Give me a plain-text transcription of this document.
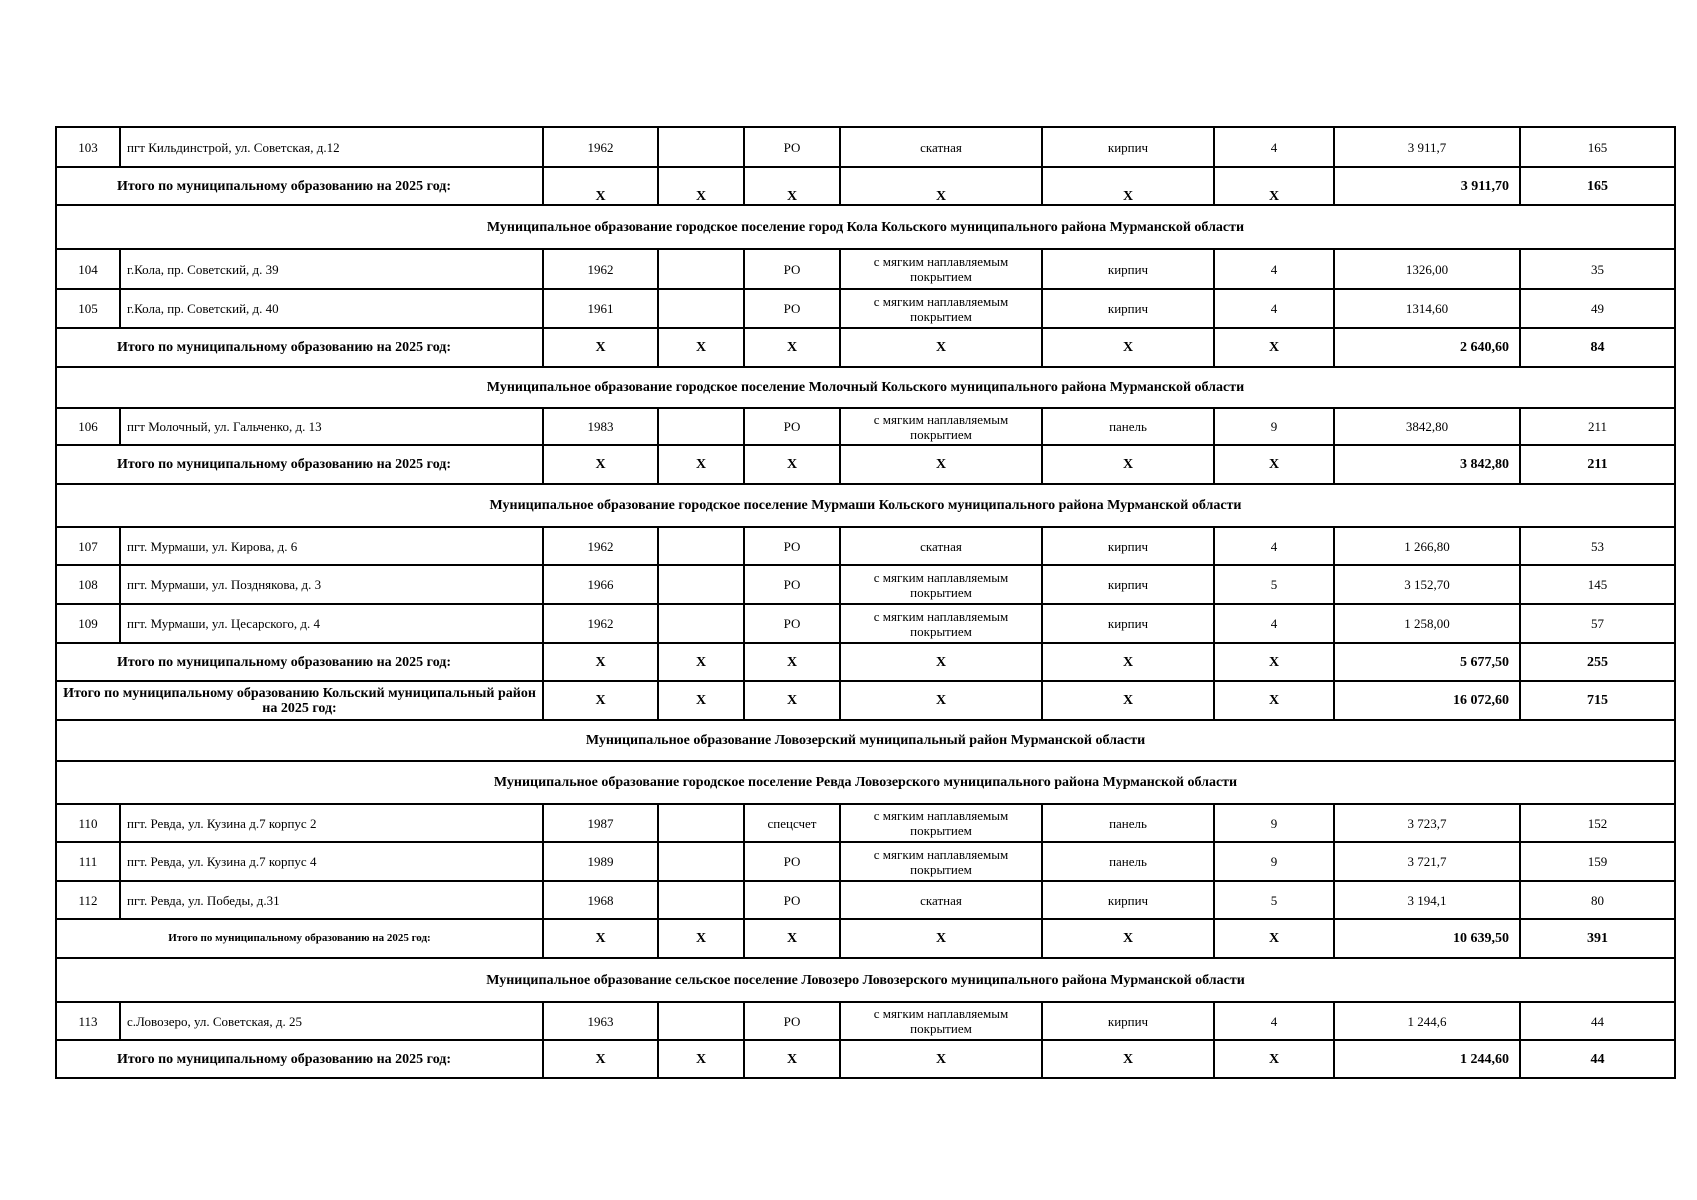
103	пгт Кильдинстрой, ул. Советская, д.12	1962		РО	скатная	кирпич	4	3 911,7	165
Итого по муниципальному образованию на 2025 год:		Х	Х	Х	Х	Х	Х	3 911,70	165
Муниципальное образование городское поселение город Кола Кольского муниципального района Мурманской области									
104	г.Кола, пр. Советский, д. 39	1962		РО	с мягким наплавляемым покрытием	кирпич	4	1326,00	35
105	г.Кола, пр. Советский, д. 40	1961		РО	с мягким наплавляемым покрытием	кирпич	4	1314,60	49
Итого по муниципальному образованию на 2025 год:		Х	Х	Х	Х	Х	Х	2 640,60	84
Муниципальное образование городское поселение Молочный Кольского муниципального района Мурманской области									
106	пгт Молочный, ул. Гальченко, д. 13	1983		РО	с мягким наплавляемым покрытием	панель	9	3842,80	211
Итого по муниципальному образованию на 2025 год:		Х	Х	Х	Х	Х	Х	3 842,80	211
Муниципальное образование городское поселение Мурмаши Кольского муниципального района Мурманской области									
107	пгт. Мурмаши, ул. Кирова, д. 6	1962		РО	скатная	кирпич	4	1 266,80	53
108	пгт. Мурмаши, ул. Позднякова, д. 3	1966		РО	с мягким наплавляемым покрытием	кирпич	5	3 152,70	145
109	пгт. Мурмаши, ул. Цесарского, д. 4	1962		РО	с мягким наплавляемым покрытием	кирпич	4	1 258,00	57
Итого по муниципальному образованию на 2025 год:		Х	Х	Х	Х	Х	Х	5 677,50	255
Итого по муниципальному образованию Кольский муниципальный район на 2025 год:		Х	Х	Х	Х	Х	Х	16 072,60	715
Муниципальное образование Ловозерский муниципальный район Мурманской области									
Муниципальное образование городское поселение Ревда Ловозерского муниципального района Мурманской области									
110	пгт. Ревда, ул. Кузина д.7 корпус 2	1987		спецсчет	с мягким наплавляемым покрытием	панель	9	3 723,7	152
111	пгт. Ревда, ул. Кузина д.7 корпус 4	1989		РО	с мягким наплавляемым покрытием	панель	9	3 721,7	159
112	пгт. Ревда, ул. Победы, д.31	1968		РО	скатная	кирпич	5	3 194,1	80
Итого по муниципальному образованию на 2025 год:		Х	Х	Х	Х	Х	Х	10 639,50	391
Муниципальное образование сельское поселение Ловозеро Ловозерского муниципального района Мурманской области									
113	с.Ловозеро, ул. Советская, д. 25	1963		РО	с мягким наплавляемым покрытием	кирпич	4	1 244,6	44
Итого по муниципальному образованию на 2025 год:		Х	Х	Х	Х	Х	Х	1 244,60	44
